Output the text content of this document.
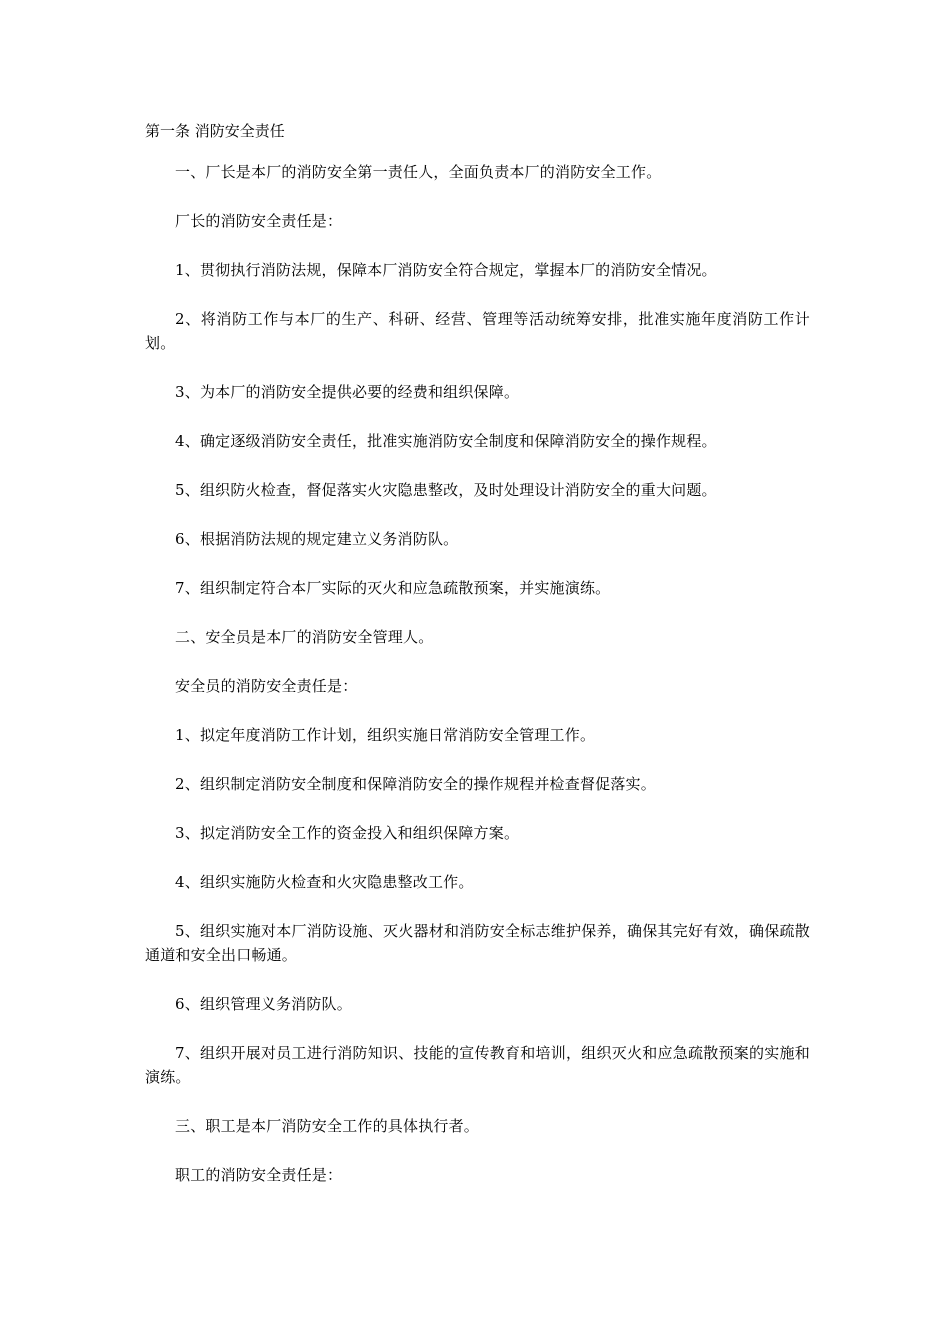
第一条 消防安全责任

一、厂长是本厂的消防安全第一责任人，全面负责本厂的消防安全工作。

厂长的消防安全责任是：

1、贯彻执行消防法规，保障本厂消防安全符合规定，掌握本厂的消防安全情况。

2、将消防工作与本厂的生产、科研、经营、管理等活动统筹安排，批准实施年度消防工作计划。

3、为本厂的消防安全提供必要的经费和组织保障。

4、确定逐级消防安全责任，批准实施消防安全制度和保障消防安全的操作规程。

5、组织防火检查，督促落实火灾隐患整改，及时处理设计消防安全的重大问题。

6、根据消防法规的规定建立义务消防队。

7、组织制定符合本厂实际的灭火和应急疏散预案，并实施演练。

二、安全员是本厂的消防安全管理人。

安全员的消防安全责任是：

1、拟定年度消防工作计划，组织实施日常消防安全管理工作。

2、组织制定消防安全制度和保障消防安全的操作规程并检查督促落实。

3、拟定消防安全工作的资金投入和组织保障方案。

4、组织实施防火检查和火灾隐患整改工作。

5、组织实施对本厂消防设施、灭火器材和消防安全标志维护保养，确保其完好有效，确保疏散通道和安全出口畅通。

6、组织管理义务消防队。

7、组织开展对员工进行消防知识、技能的宣传教育和培训，组织灭火和应急疏散预案的实施和演练。

三、职工是本厂消防安全工作的具体执行者。

职工的消防安全责任是：
